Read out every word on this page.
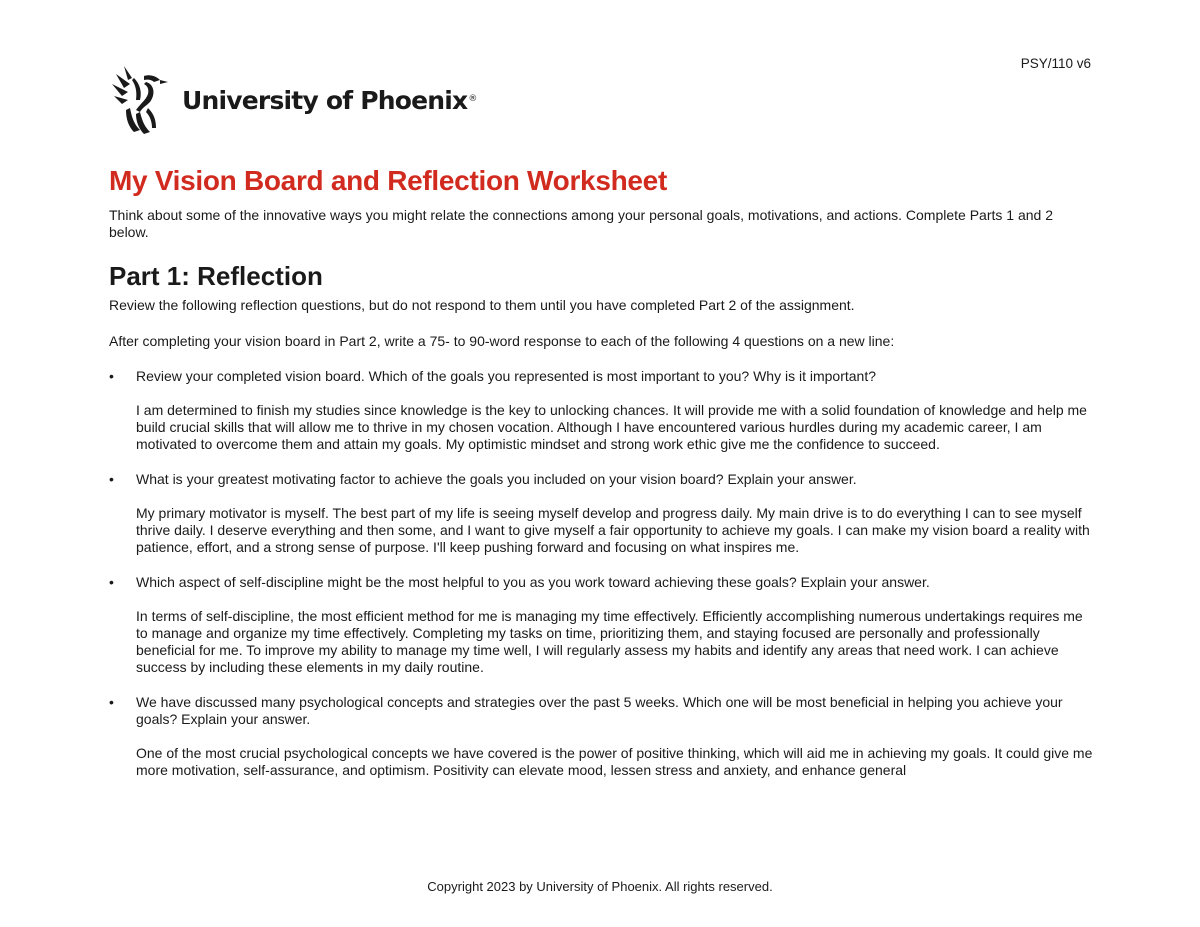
PSY/110 v6
University of Phoenix®
My Vision Board and Reflection Worksheet

Think about some of the innovative ways you might relate the connections among your personal goals, motivations, and actions. Complete Parts 1 and 2 below.

Part 1: Reflection

Review the following reflection questions, but do not respond to them until you have completed Part 2 of the assignment.

After completing your vision board in Part 2, write a 75- to 90-word response to each of the following 4 questions on a new line:

• Review your completed vision board. Which of the goals you represented is most important to you? Why is it important?

I am determined to finish my studies since knowledge is the key to unlocking chances. It will provide me with a solid foundation of knowledge and help me build crucial skills that will allow me to thrive in my chosen vocation. Although I have encountered various hurdles during my academic career, I am motivated to overcome them and attain my goals. My optimistic mindset and strong work ethic give me the confidence to succeed.

• What is your greatest motivating factor to achieve the goals you included on your vision board? Explain your answer.

My primary motivator is myself. The best part of my life is seeing myself develop and progress daily. My main drive is to do everything I can to see myself thrive daily. I deserve everything and then some, and I want to give myself a fair opportunity to achieve my goals. I can make my vision board a reality with patience, effort, and a strong sense of purpose. I'll keep pushing forward and focusing on what inspires me.

• Which aspect of self-discipline might be the most helpful to you as you work toward achieving these goals? Explain your answer.

In terms of self-discipline, the most efficient method for me is managing my time effectively. Efficiently accomplishing numerous undertakings requires me to manage and organize my time effectively. Completing my tasks on time, prioritizing them, and staying focused are personally and professionally beneficial for me. To improve my ability to manage my time well, I will regularly assess my habits and identify any areas that need work. I can achieve success by including these elements in my daily routine.

• We have discussed many psychological concepts and strategies over the past 5 weeks. Which one will be most beneficial in helping you achieve your goals? Explain your answer.

One of the most crucial psychological concepts we have covered is the power of positive thinking, which will aid me in achieving my goals. It could give me more motivation, self-assurance, and optimism. Positivity can elevate mood, lessen stress and anxiety, and enhance general

Copyright 2023 by University of Phoenix. All rights reserved.
